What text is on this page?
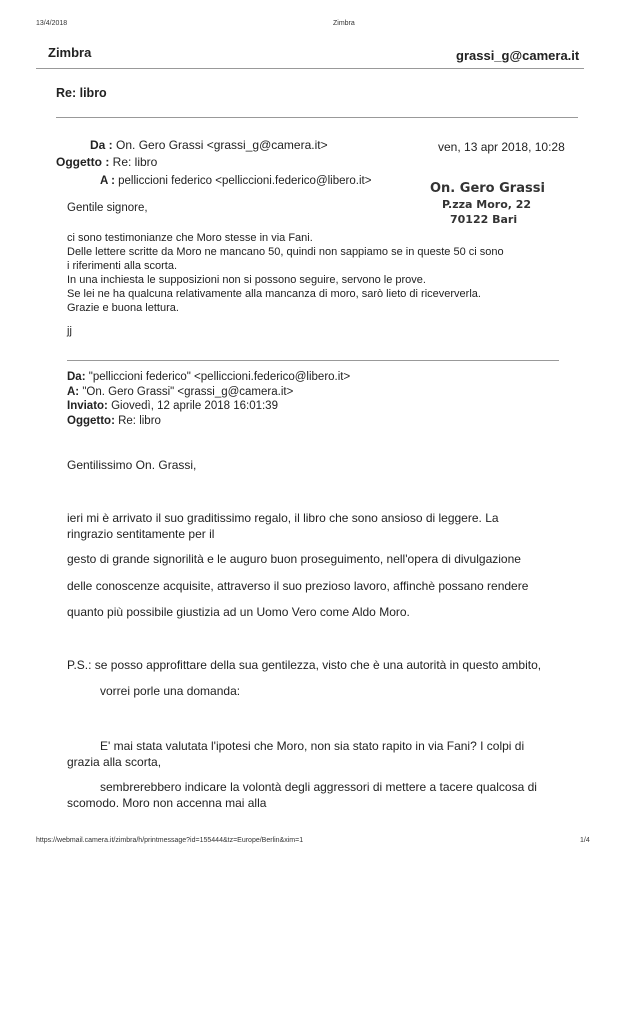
13/4/2018	Zimbra
Zimbra	grassi_g@camera.it
Re: libro
Da : On. Gero Grassi <grassi_g@camera.it>	ven, 13 apr 2018, 10:28
Oggetto : Re: libro
A : pelliccioni federico <pelliccioni.federico@libero.it>	On. Gero Grassi
P.zza Moro, 22
70122 Bari
Gentile signore,
ci sono testimonianze che Moro stesse in via Fani.
Delle lettere scritte da Moro ne mancano 50, quindi non sappiamo se in queste 50 ci sono
i riferimenti alla scorta.
In una inchiesta le supposizioni non si possono seguire, servono le prove.
Se lei ne ha qualcuna relativamente alla mancanza di moro, sarò lieto di riceververla.
Grazie e buona lettura.
jj
Da: "pelliccioni federico" <pelliccioni.federico@libero.it>
A: "On. Gero Grassi" <grassi_g@camera.it>
Inviato: Giovedì, 12 aprile 2018 16:01:39
Oggetto: Re: libro
Gentilissimo On. Grassi,
ieri mi è arrivato il suo graditissimo regalo, il libro che sono ansioso di leggere. La
ringrazio sentitamente per il
gesto di grande signorilità e le auguro buon proseguimento, nell'opera di divulgazione
delle conoscenze acquisite, attraverso il suo prezioso lavoro, affinchè possano rendere
quanto più possibile giustizia ad un Uomo Vero come Aldo Moro.
P.S.: se posso approfittare della sua gentilezza, visto che è una autorità in questo ambito,
vorrei porle una domanda:
E' mai stata valutata l'ipotesi che Moro, non sia stato rapito in via Fani? I colpi di
grazia alla scorta,
sembrerebbero indicare la volontà degli aggressori di mettere a tacere qualcosa di
scomodo. Moro non accenna mai alla
https://webmail.camera.it/zimbra/h/printmessage?id=155444&tz=Europe/Berlin&xim=1	1/4
